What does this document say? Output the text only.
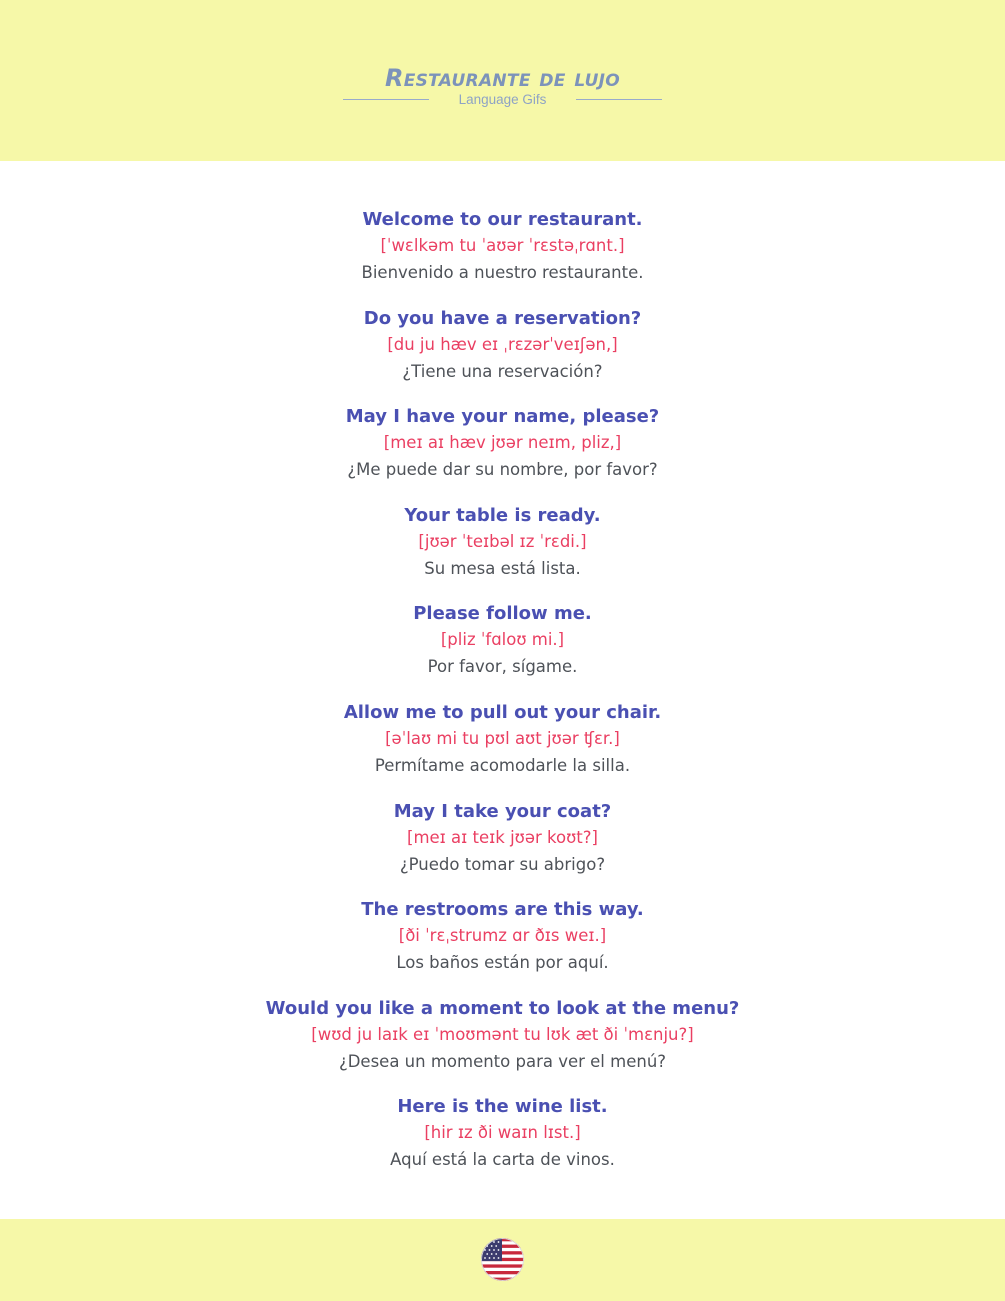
Restaurante de lujo
Language Gifs
Welcome to our restaurant.
[ˈwɛlkəm tu ˈaʊər ˈrɛstəˌrɑnt.]
Bienvenido a nuestro restaurante.
Do you have a reservation?
[du ju hæv eɪ ˌrɛzərˈveɪʃən,]
¿Tiene una reservación?
May I have your name, please?
[meɪ aɪ hæv jʊər neɪm, pliz,]
¿Me puede dar su nombre, por favor?
Your table is ready.
[jʊər ˈteɪbəl ɪz ˈrɛdi.]
Su mesa está lista.
Please follow me.
[pliz ˈfɑloʊ mi.]
Por favor, sígame.
Allow me to pull out your chair.
[əˈlaʊ mi tu pʊl aʊt jʊər ʧɛr.]
Permítame acomodarle la silla.
May I take your coat?
[meɪ aɪ teɪk jʊər koʊt?]
¿Puedo tomar su abrigo?
The restrooms are this way.
[ði ˈrɛˌstrumz ɑr ðɪs weɪ.]
Los baños están por aquí.
Would you like a moment to look at the menu?
[wʊd ju laɪk eɪ ˈmoʊmənt tu lʊk æt ði ˈmɛnju?]
¿Desea un momento para ver el menú?
Here is the wine list.
[hir ɪz ði waɪn lɪst.]
Aquí está la carta de vinos.
